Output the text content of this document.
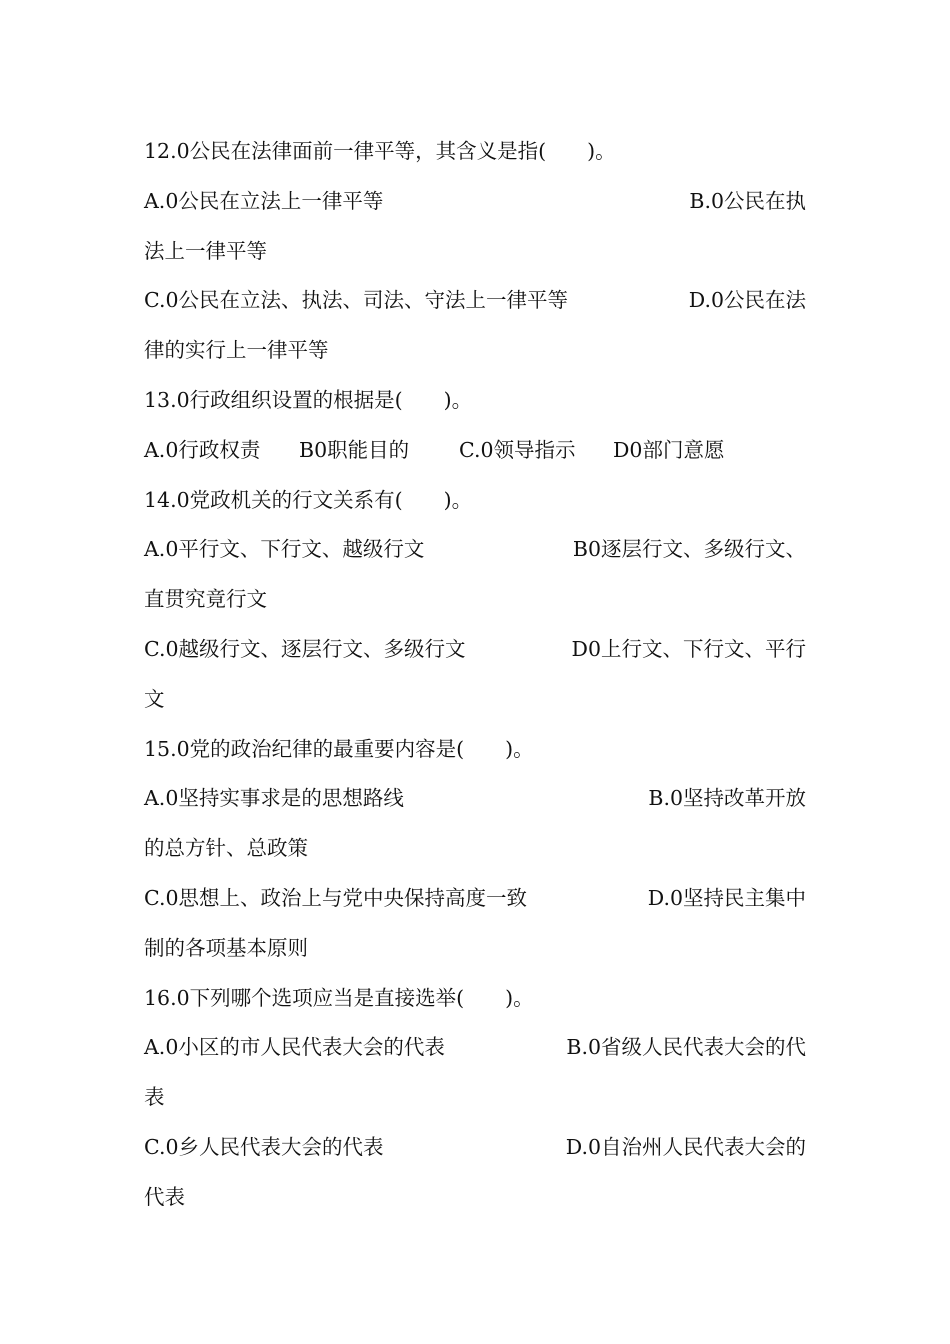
12.0公民在法律面前一律平等，其含义是指(　　)。
A.0公民在立法上一律平等	B.0公民在执
法上一律平等
C.0公民在立法、执法、司法、守法上一律平等	D.0公民在法
律的实行上一律平等
13.0行政组织设置的根据是(　　)。
A.0行政权责	B0职能目的	C.0领导指示	D0部门意愿
14.0党政机关的行文关系有(　　)。
A.0平行文、下行文、越级行文	B0逐层行文、多级行文、
直贯究竟行文
C.0越级行文、逐层行文、多级行文	D0上行文、下行文、平行
文
15.0党的政治纪律的最重要内容是(　　)。
A.0坚持实事求是的思想路线	B.0坚持改革开放
的总方针、总政策
C.0思想上、政治上与党中央保持高度一致	D.0坚持民主集中
制的各项基本原则
16.0下列哪个选项应当是直接选举(　　)。
A.0小区的市人民代表大会的代表	B.0省级人民代表大会的代
表
C.0乡人民代表大会的代表	D.0自治州人民代表大会的
代表
